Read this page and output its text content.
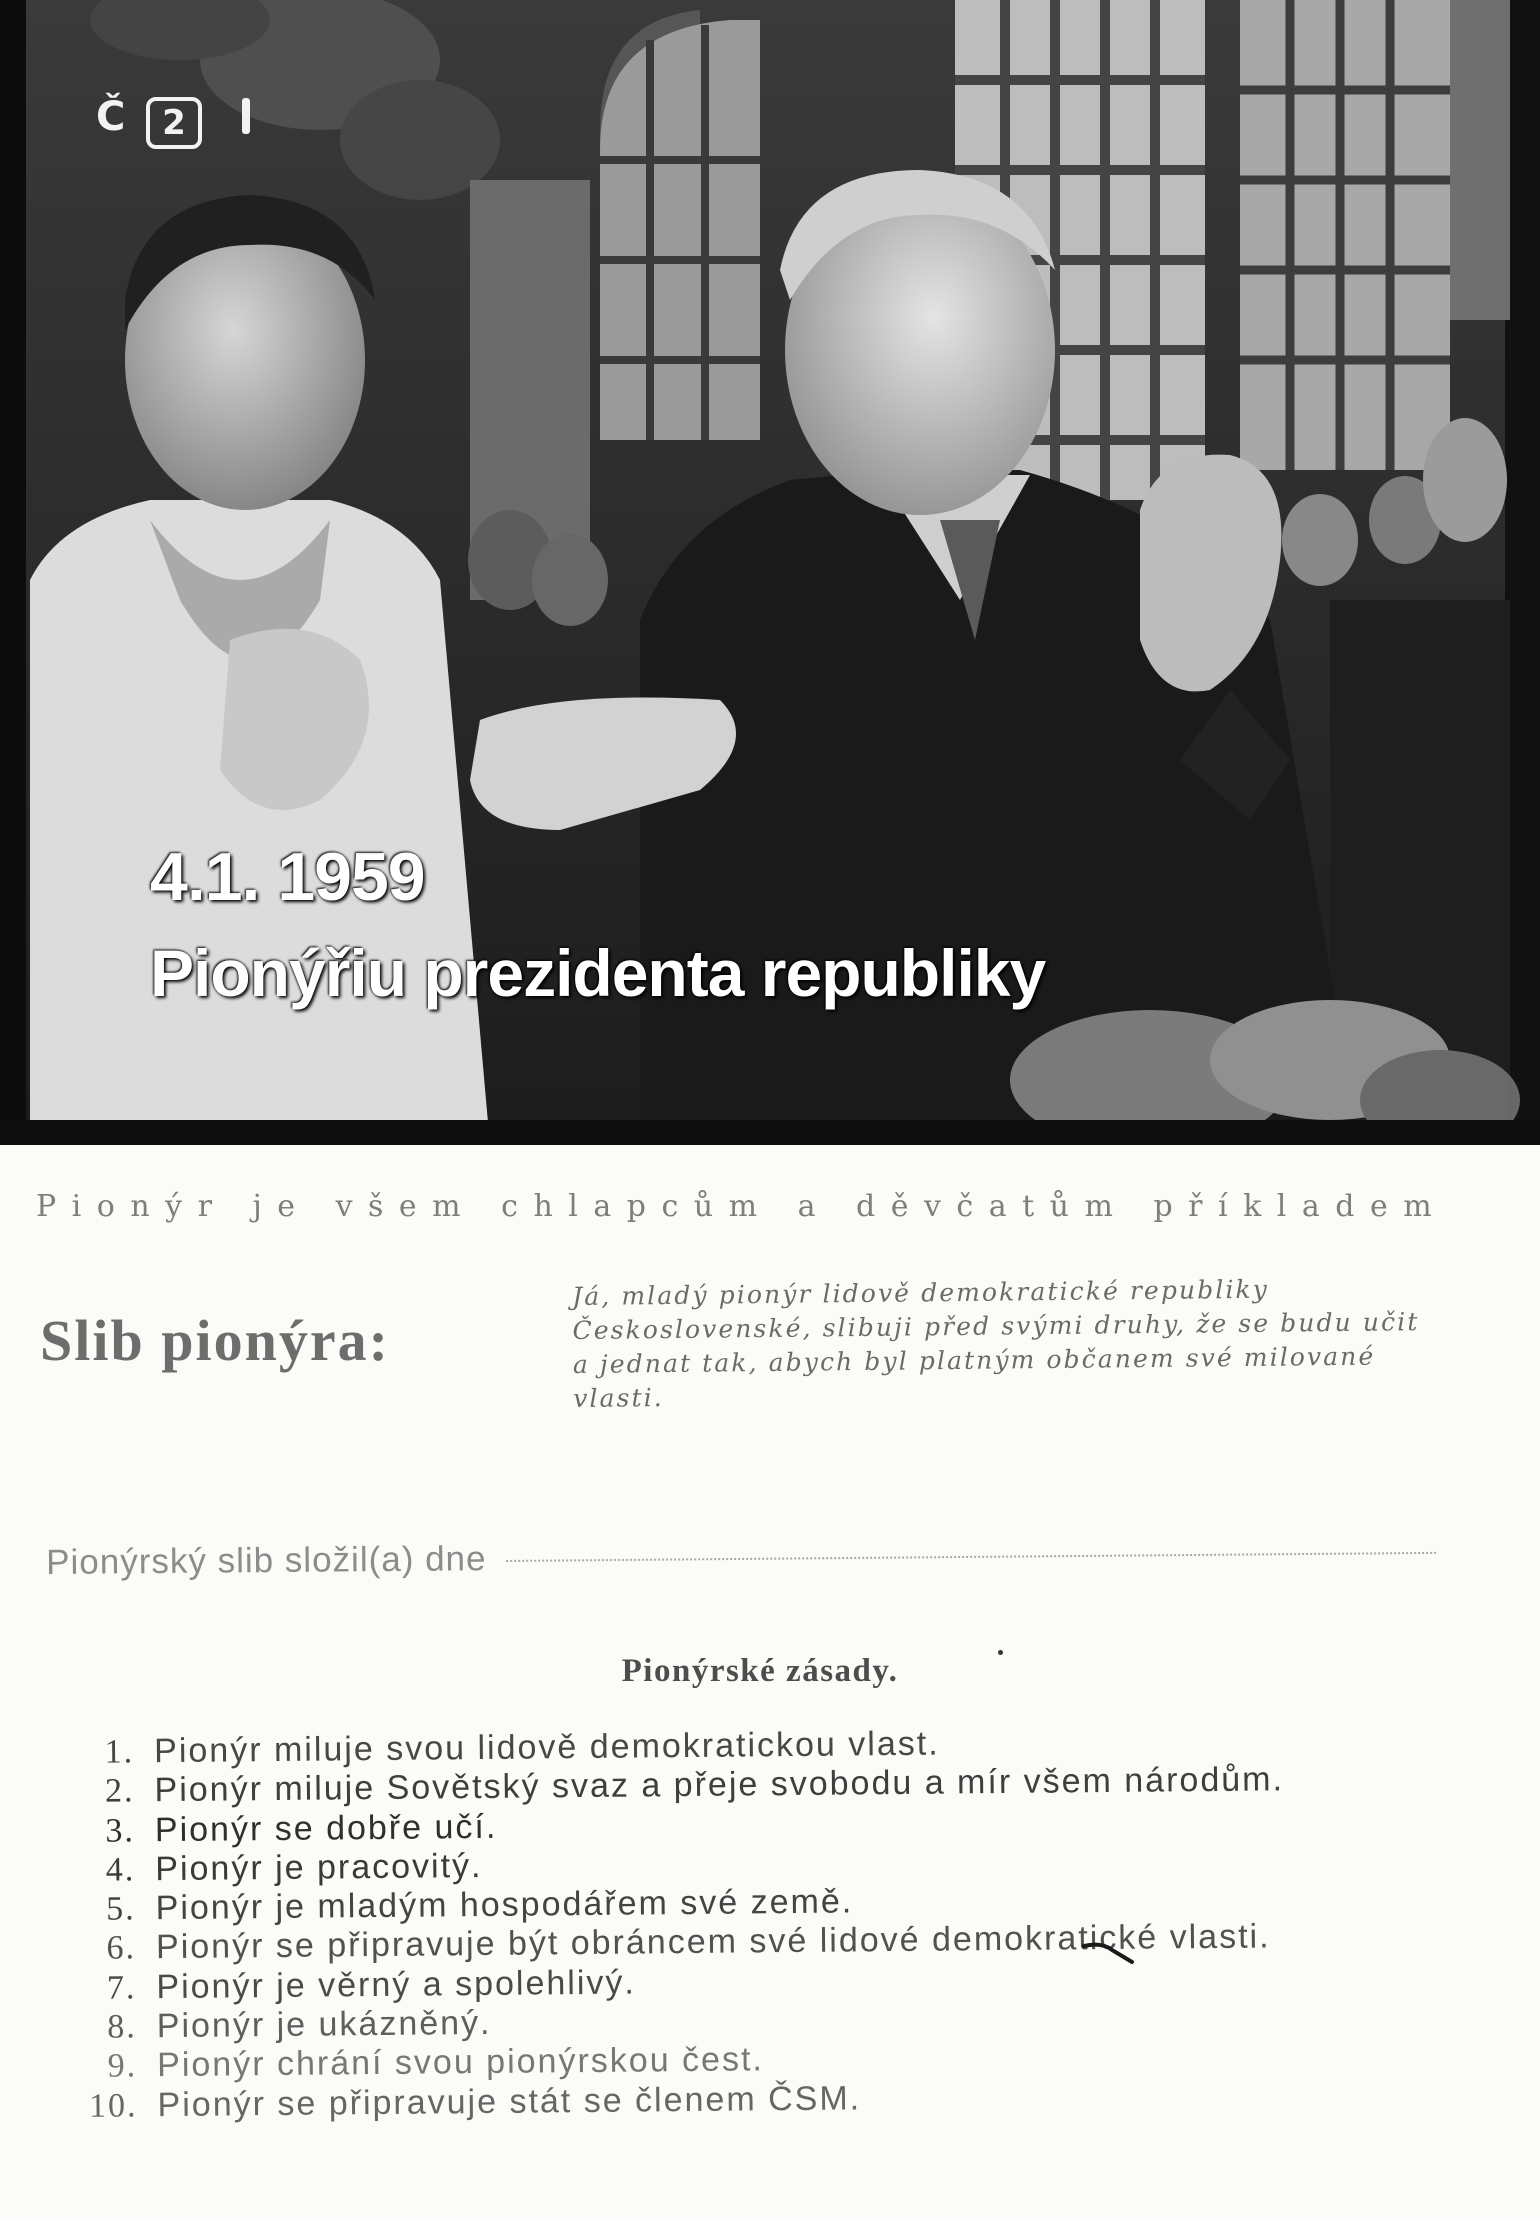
Č 2
4.1. 1959
Pionýřiu prezidenta republiky
Pionýr je všem chlapcům a děvčatům příkladem
Slib pionýra:
Já, mladý pionýr lidově demokratické republiky Československé, slibuji před svými druhy, že se budu učit a jednat tak, abych byl platným občanem své milované vlasti.
Pionýrský slib složil(a) dne
Pionýrské zásady.
1. Pionýr miluje svou lidově demokratickou vlast.
2. Pionýr miluje Sovětský svaz a přeje svobodu a mír všem národům.
3. Pionýr se dobře učí.
4. Pionýr je pracovitý.
5. Pionýr je mladým hospodářem své země.
6. Pionýr se připravuje být obráncem své lidové demokratické vlasti.
7. Pionýr je věrný a spolehlivý.
8. Pionýr je ukázněný.
9. Pionýr chrání svou pionýrskou čest.
10. Pionýr se připravuje stát se členem ČSM.
